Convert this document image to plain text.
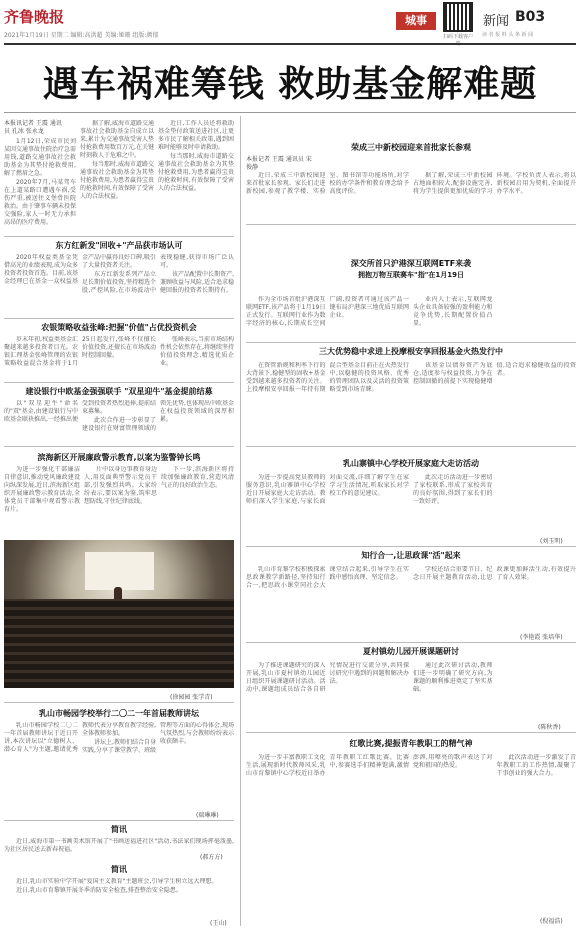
齐鲁晚报
2021年1月19日 星期二 编辑:高洪超 美编:姬珊 组版:颜郁
城事
扫码下载客户
新闻 B03
读 者 报 料 头 条 新 闻
遇车祸难筹钱 救助基金解难题
本报讯记者 王震 通讯员 孔冰 张永龙
1月12日,荣成市民刘某因交通事故住院治疗急需用钱,道路交通事故社会救助基金为其垫付抢救费用,解了燃眉之急。
2020年7月,马某驾车在上道某路口遭遇车祸,受伤严重,被送往义堡骨医院救治。由于肇事车辆未投保交强险,家人一时无力承担高昂的医疗费用。
据了解,威海市道路交通事故社会救助基金自成立以来,累计为交通事故受害人垫付抢救费用数百万元,在关键时刻救人于危难之中。
每当那时,威海市道路交通事故社会救助基金为其垫付抢救费用,为患者赢得宝贵的抢救时间,有效保障了受害人的合法权益。
近日,工作人员还将救助基金垫付政策送进社区,让更多市民了解相关政策,遇到困难时能够及时申请救助。
每当那时,威海市道路交通事故社会救助基金为其垫付抢救费用,为患者赢得宝贵的抢救时间,有效保障了受害人的合法权益。
东方红新发"回收+"产品获市场认可
2020年权益类基金凭借高光的业绩表现,成为众多投资者投资首选。目前,该基金经理已在基金一众权益基金产品中赢得良好口碑,吸引了大量投资者关注。
东方红新发系列产品立足长期价值投资,坚持精选个股,严控风险,在市场波动中表现稳健,获得市场广泛认可。
该产品配置中长期资产,兼顾收益与风险,适合追求稳健回报的投资者长期持有。
农银策略收益张峰:把握"价值"占优投资机会
岁末年初,权益类基金汇聚越来越多投资者目光。农银汇理基金张峰管理的农银策略收益混合基金将于1月25日起发行,张峰不仅擅长价值投资,还擅长在市场波动时控制回撤。
张峰表示,当前市场结构性机会依然存在,将继续坚持价值投资理念,精选优质企业。
建设银行中欧基金强强联手 "双星迎牛"基金提前结募
以"双星迎牛"命名的"双"基金,由建设银行与中欧基金联袂推出,一经推出便受到投资者热烈追捧,提前结束募集。
此次合作进一步彰显了建设银行在财富管理领域的领先优势,也体现出中欧基金在权益投资领域的深厚积累。
滨海新区开展廉政警示教育,以案为鉴警钟长鸣
为进一步强化干部廉洁自律意识,推动党风廉政建设向纵深发展,近日,滨海新区组织开展廉政警示教育活动,全体党员干部集中观看警示教育片。
片中以身边事教育身边人,用反面典型警示党员干部,引发强烈共鸣。大家纷纷表示,要以案为鉴,筑牢思想防线,守住纪律底线。
下一步,滨海新区将持续加强廉政教育,营造风清气正的良好政治生态。
(徐园园 张学青)
乳山市畅园学校举行二〇二一年首届教师讲坛
乳山市畅园学校二〇二一年首届教师讲坛于近日开讲,本次讲坛以"立德树人、潜心育人"为主题,邀请优秀教师代表分享教育教学经验,全体教师参加。
讲坛上,教师们结合自身实践,分享了课堂教学、班级管理等方面的心得体会,现场气氛热烈,与会教师纷纷表示收获颇丰。
(瑞琳琳)
简讯
近日,威海市第一书画美术馆开展了"书画送福进社区"活动,书法家们现场挥毫泼墨,为社区居民送去新春祝福。
(郝方方)
简讯
近日,乳山市实验中学开展"爱国主义教育"主题班会,引导学生树立远大理想。
近日,乳山市育黎镇开展冬季消防安全检查,排查整治安全隐患。
(王山)
荣成三中新校园迎来首批家长参观
本报记者 王震 通讯员 宋俊静
近日,荣成三中新校园迎来首批家长参观。家长们走进新校园,参观了教学楼、实验室、图书馆等功能场所,对学校的办学条件和教育理念给予高度评价。
据了解,荣成三中新校园占地面积较大,配套设施完善,将为学生提供更加优质的学习环境。学校负责人表示,将以新校园启用为契机,全面提升办学水平。
深交所首只沪港深互联网ETF来袭
拥抱万物互联赛车"指"在1月19日
作为全市场首批沪港深互联网ETF,该产品将于1月19日正式发行。互联网行业作为数字经济的核心,长期成长空间广阔,投资者可通过该产品一键布局沪港深三地优质互联网企业。
业内人士表示,互联网龙头企业具备较强的盈利能力和竞争优势,长期配置价值凸显。
三大优势稳中求进上投摩根安享回报基金火热发行中
在资管新规和利率下行的大背景下,稳健型的固收+基金受到越来越多投资者的关注。上投摩根安享回报一年持有期混合型基金目前正在火热发行中,以稳健的投资风格、优秀的管理团队以及灵活的投资策略受到市场青睐。
该基金以债券资产为底仓,适度参与权益投资,力争在控制回撤的前提下实现稳健增值,适合追求稳健收益的投资者。
乳山寨镇中心学校开展家庭大走访活动
为进一步提高党员教师的服务意识,乳山寨镇中心学校近日开展家庭大走访活动。教师们深入学生家庭,与家长面对面交流,详细了解学生在家学习生活情况,听取家长对学校工作的意见建议。
此次走访活动进一步密切了家校联系,形成了家校共育的良好氛围,得到了家长们的一致好评。
(刘玉明)
知行合一,让思政课"活"起来
乳山市育黎学校积极探索思政课教学新路径,坚持知行合一,把思政小课堂同社会大课堂结合起来,引导学生在实践中感悟真理、坚定信念。
学校还结合重要节日、纪念日开展主题教育活动,让思政课更加鲜活生动,有效提升了育人效果。
(李艳霞 张培华)
夏村镇幼儿园开展课题研讨
为了推进课题研究的深入开展,乳山市夏村镇幼儿园近日组织开展课题研讨活动。活动中,课题组成员结合各自研究情况进行交流分享,共同探讨研究中遇到的问题和解决办法。
通过此次研讨活动,教师们进一步明确了研究方向,为课题的顺利推进奠定了坚实基础。
(陈秋香)
红歌比赛,提振青年教职工的精气神
为进一步丰富教职工文化生活,展现新时代教师风采,乳山市育黎镇中心学校近日举办青年教职工红歌比赛。比赛中,参赛选手们精神饱满,激情澎湃,用嘹亮的歌声表达了对党和祖国的热爱。
此次活动进一步激发了青年教职工的工作热情,凝聚了干事创业的强大合力。
(倪福浩)
